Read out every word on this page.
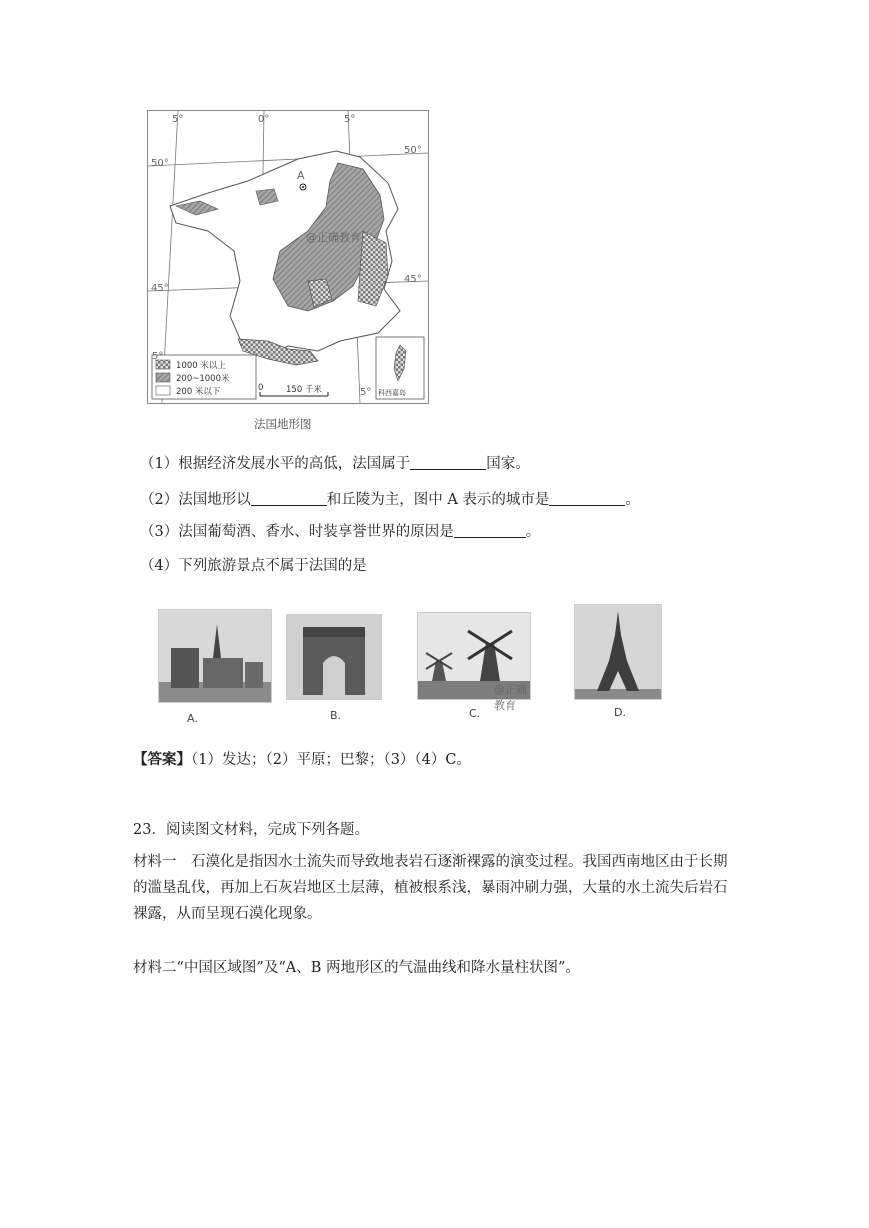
5°	0°	5°
5°
5°
50°
50°
45°
45°
A
@正确教育
1000 米以上
200~1000米
200 米以下	0	150 千米	科西嘉岛
法国地形图
（1）根据经济发展水平的高低，法国属于	国家。
（2）法国地形以	和丘陵为主，图中 A 表示的城市是	。
（3）法国葡萄酒、香水、时装享誉世界的原因是	。
（4）下列旅游景点不属于法国的是
@正确教育
A.	B.	C.	D.
【答案】（1）发达；（2）平原；巴黎；（3）（4）C。
23．阅读图文材料，完成下列各题。
材料一　石漠化是指因水土流失而导致地表岩石逐渐裸露的演变过程。我国西南地区由于长期的滥垦乱伐，再加上石灰岩地区土层薄，植被根系浅，暴雨冲刷力强，大量的水土流失后岩石裸露，从而呈现石漠化现象。
材料二“中国区域图”及“A、B 两地形区的气温曲线和降水量柱状图”。
